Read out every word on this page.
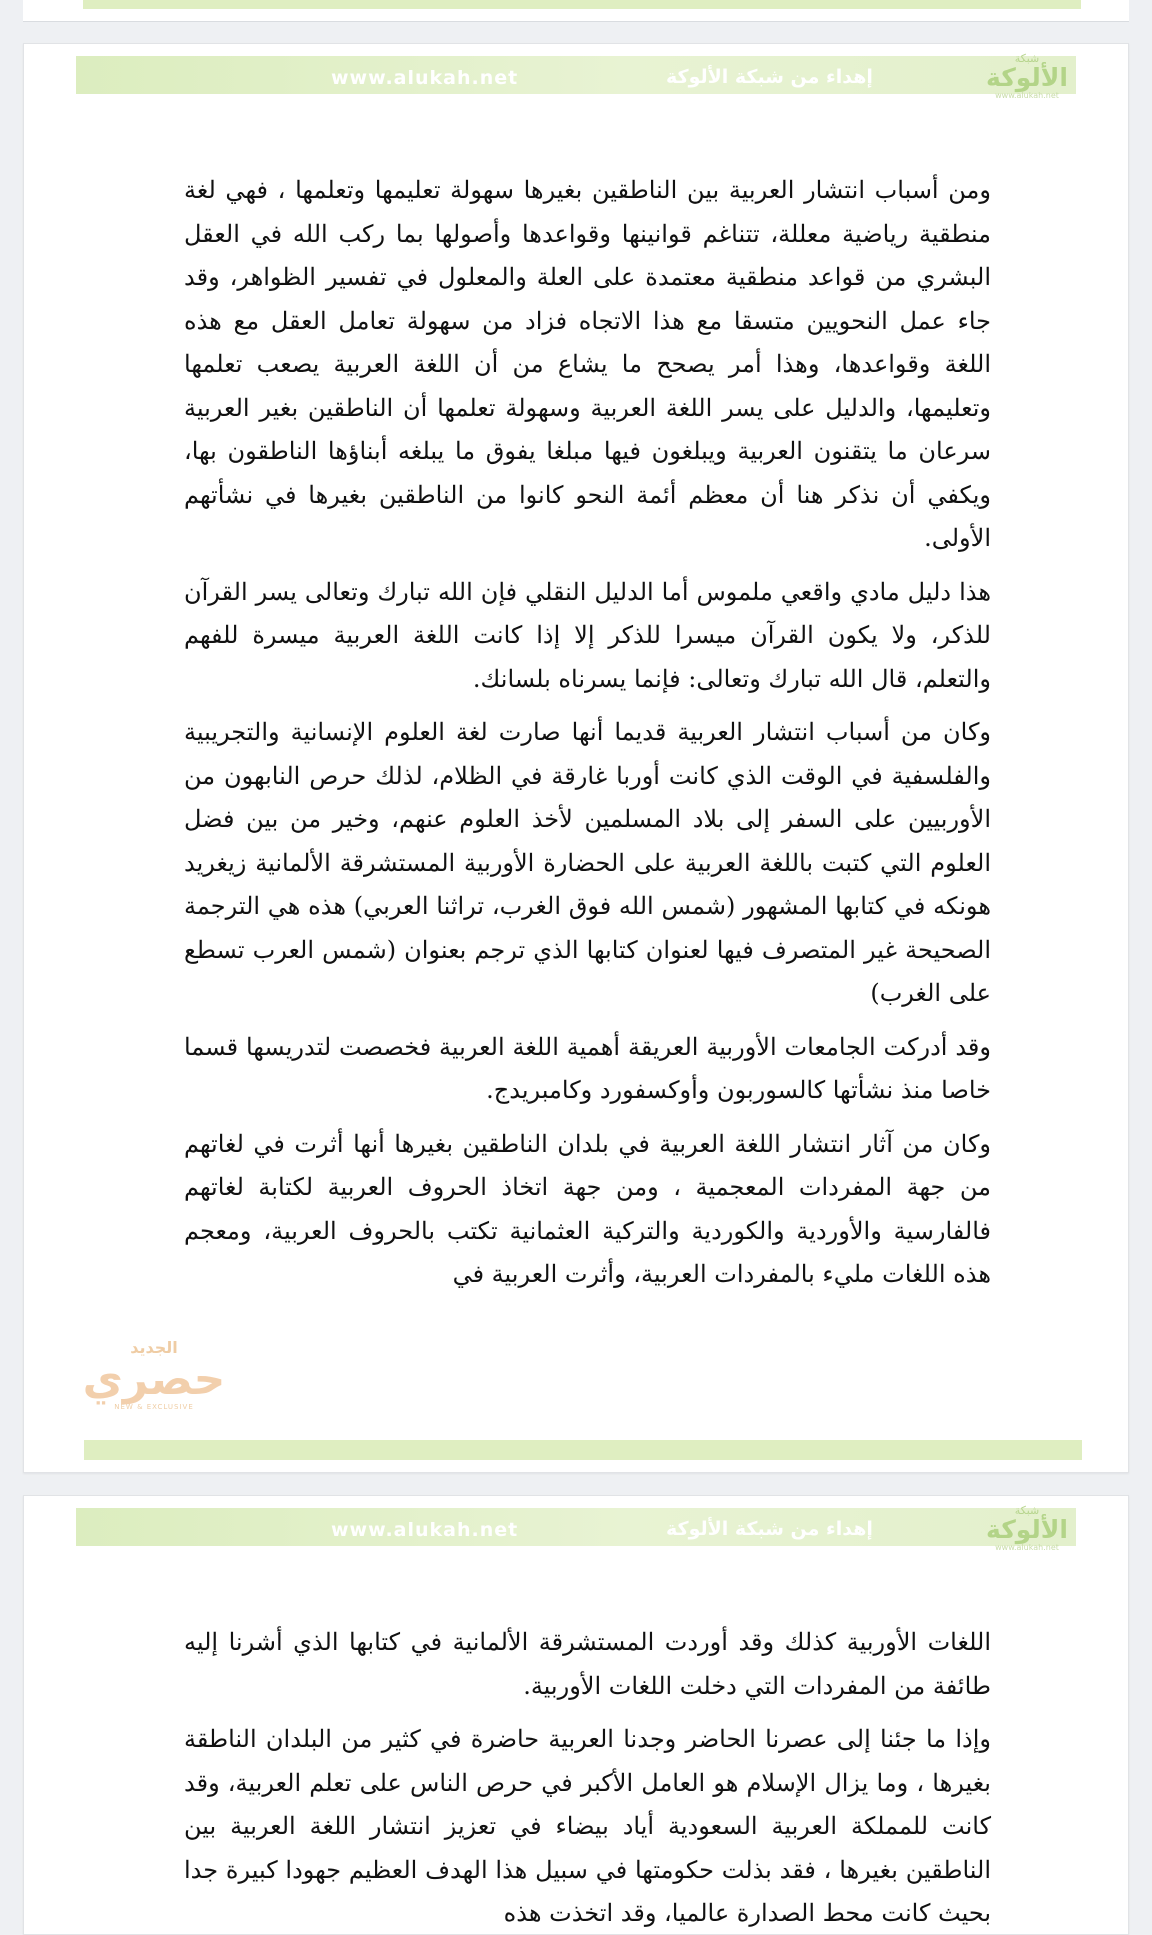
www.alukah.net	إهداء من شبكة الألوكة
شبكة
الألوكة
www.alukah.net

ومن أسباب انتشار العربية بين الناطقين بغيرها سهولة تعليمها وتعلمها ، فهي لغة منطقية رياضية معللة، تتناغم قوانينها وقواعدها وأصولها بما ركب الله في العقل البشري من قواعد منطقية معتمدة على العلة والمعلول في تفسير الظواهر، وقد جاء عمل النحويين متسقا مع هذا الاتجاه فزاد من سهولة تعامل العقل مع هذه اللغة وقواعدها، وهذا أمر يصحح ما يشاع من أن اللغة العربية يصعب تعلمها وتعليمها، والدليل على يسر اللغة العربية وسهولة تعلمها أن الناطقين بغير العربية سرعان ما يتقنون العربية ويبلغون فيها مبلغا يفوق ما يبلغه أبناؤها الناطقون بها، ويكفي أن نذكر هنا أن معظم أئمة النحو كانوا من الناطقين بغيرها في نشأتهم الأولى.

هذا دليل مادي واقعي ملموس أما الدليل النقلي فإن الله تبارك وتعالى يسر القرآن للذكر، ولا يكون القرآن ميسرا للذكر إلا إذا كانت اللغة العربية ميسرة للفهم والتعلم، قال الله تبارك وتعالى: فإنما يسرناه بلسانك.

وكان من أسباب انتشار العربية قديما أنها صارت لغة العلوم الإنسانية والتجريبية والفلسفية في الوقت الذي كانت أوربا غارقة في الظلام، لذلك حرص النابهون من الأوربيين على السفر إلى بلاد المسلمين لأخذ العلوم عنهم، وخير من بين فضل العلوم التي كتبت باللغة العربية على الحضارة الأوربية المستشرقة الألمانية زيغريد هونكه في كتابها المشهور (شمس الله فوق الغرب، تراثنا العربي) هذه هي الترجمة الصحيحة غير المتصرف فيها لعنوان كتابها الذي ترجم بعنوان (شمس العرب تسطع على الغرب)

وقد أدركت الجامعات الأوربية العريقة أهمية اللغة العربية فخصصت لتدريسها قسما خاصا منذ نشأتها كالسوربون وأوكسفورد وكامبريدج.

وكان من آثار انتشار اللغة العربية في بلدان الناطقين بغيرها أنها أثرت في لغاتهم من جهة المفردات المعجمية ، ومن جهة اتخاذ الحروف العربية لكتابة لغاتهم فالفارسية والأوردية والكوردية والتركية العثمانية تكتب بالحروف العربية، ومعجم هذه اللغات مليء بالمفردات العربية، وأثرت العربية في

الجديد
حصري
NEW & EXCLUSIVE
www.alukah.net	إهداء من شبكة الألوكة
شبكة
الألوكة
www.alukah.net

اللغات الأوربية كذلك وقد أوردت المستشرقة الألمانية في كتابها الذي أشرنا إليه طائفة من المفردات التي دخلت اللغات الأوربية.

وإذا ما جئنا إلى عصرنا الحاضر وجدنا العربية حاضرة في كثير من البلدان الناطقة بغيرها ، وما يزال الإسلام هو العامل الأكبر في حرص الناس على تعلم العربية، وقد كانت للمملكة العربية السعودية أياد بيضاء في تعزيز انتشار اللغة العربية بين الناطقين بغيرها ، فقد بذلت حكومتها في سبيل هذا الهدف العظيم جهودا كبيرة جدا بحيث كانت محط الصدارة عالميا، وقد اتخذت هذه
